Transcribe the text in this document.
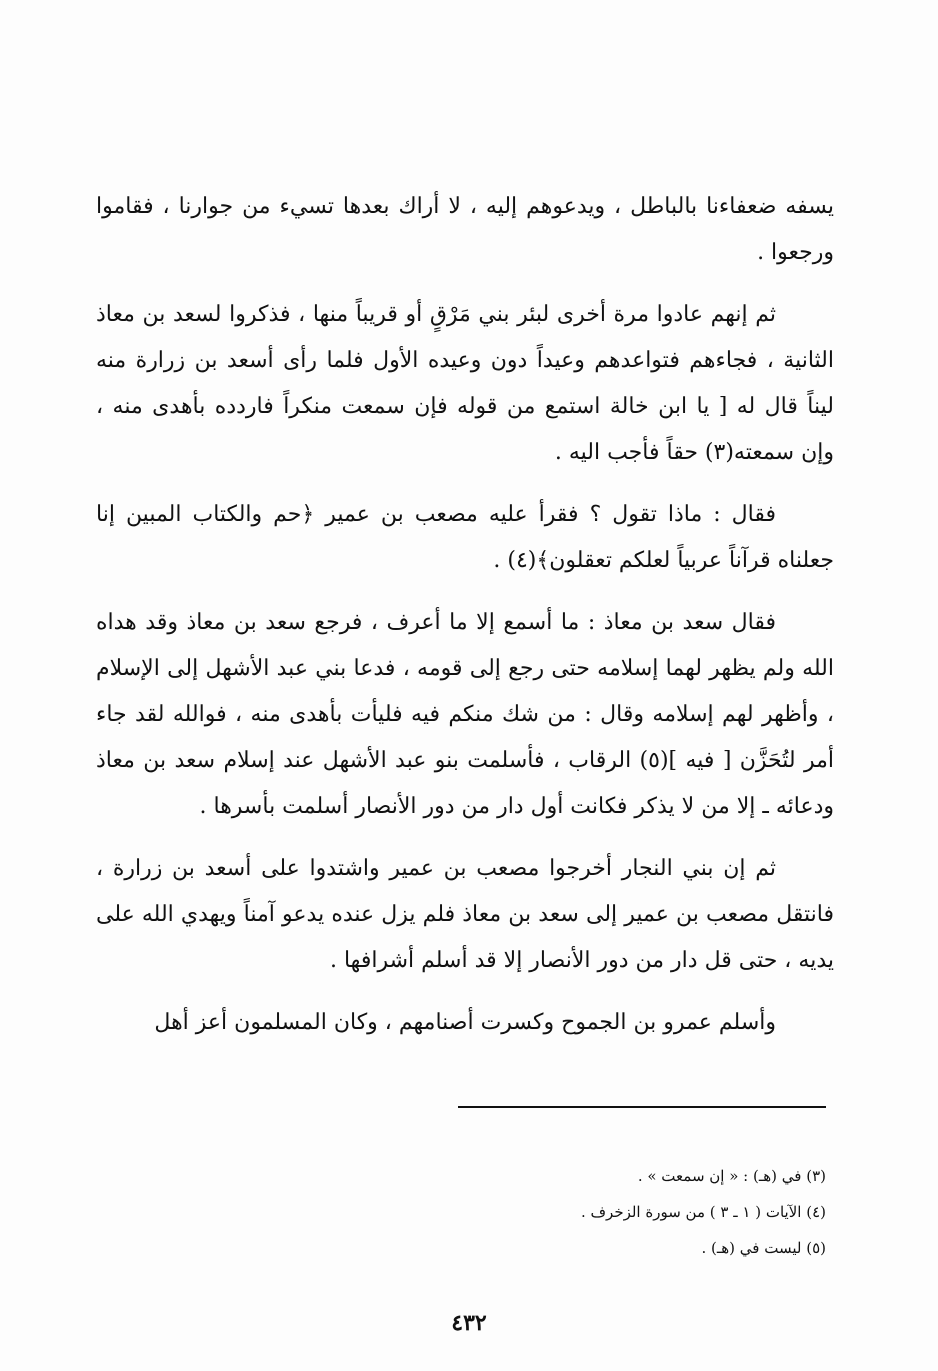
يسفه ضعفاءنا بالباطل ، ويدعوهم إليه ، لا أراك بعدها تسيء من جوارنا ، فقاموا ورجعوا .

ثم إنهم عادوا مرة أخرى لبئر بني مَرْقٍ أو قريباً منها ، فذكروا لسعد بن معاذ الثانية ، فجاءهم فتواعدهم وعيداً دون وعيده الأول فلما رأى أسعد بن زرارة منه ليناً قال له [ يا ابن خالة استمع من قوله فإن سمعت منكراً فاردده بأهدى منه ، وإن سمعته(٣) حقاً فأجب اليه .

فقال : ماذا تقول ؟ فقرأ عليه مصعب بن عمير ﴿حم والكتاب المبين إنا جعلناه قرآناً عربياً لعلكم تعقلون﴾(٤) .

فقال سعد بن معاذ : ما أسمع إلا ما أعرف ، فرجع سعد بن معاذ وقد هداه الله ولم يظهر لهما إسلامه حتى رجع إلى قومه ، فدعا بني عبد الأشهل إلى الإسلام ، وأظهر لهم إسلامه وقال : من شك منكم فيه فليأت بأهدى منه ، فوالله لقد جاء أمر لتُحَزَّن [ فيه ](٥) الرقاب ، فأسلمت بنو عبد الأشهل عند إسلام سعد بن معاذ ودعائه ـ إلا من لا يذكر فكانت أول دار من دور الأنصار أسلمت بأسرها .

ثم إن بني النجار أخرجوا مصعب بن عمير واشتدوا على أسعد بن زرارة ، فانتقل مصعب بن عمير إلى سعد بن معاذ فلم يزل عنده يدعو آمناً ويهدي الله على يديه ، حتى قل دار من دور الأنصار إلا قد أسلم أشرافها .

وأسلم عمرو بن الجموح وكسرت أصنامهم ، وكان المسلمون أعز أهل

(٣) في (هـ) : « إن سمعت » .
(٤) الآيات ( ١ ـ ٣ ) من سورة الزخرف .
(٥) ليست في (هـ) .
٤٣٢
